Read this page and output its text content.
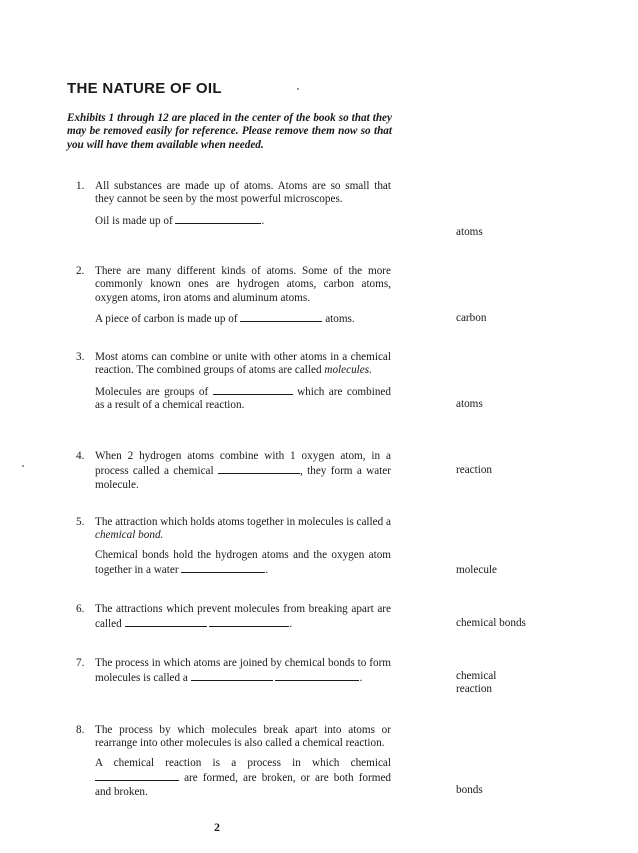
THE NATURE OF OIL
Exhibits 1 through 12 are placed in the center of the book so that they may be removed easily for reference. Please remove them now so that you will have them available when needed.
1. All substances are made up of atoms. Atoms are so small that they cannot be seen by the most powerful microscopes.
Oil is made up of	.
atoms
2. There are many different kinds of atoms. Some of the more commonly known ones are hydrogen atoms, carbon atoms, oxygen atoms, iron atoms and aluminum atoms.
A piece of carbon is made up of	atoms.	carbon
3. Most atoms can combine or unite with other atoms in a chemical reaction. The combined groups of atoms are called molecules.
Molecules are groups of	which are combined as a result of a chemical reaction.	atoms
4. When 2 hydrogen atoms combine with 1 oxygen atom, in a process called a chemical	, they form a water molecule.
reaction
5. The attraction which holds atoms together in molecules is called a chemical bond.
Chemical bonds hold the hydrogen atoms and the oxygen atom together in a water	.	molecule
6. The attractions which prevent molecules from breaking apart are called	.	chemical bonds
7. The process in which atoms are joined by chemical bonds to form molecules is called a	.	chemical
reaction
8. The process by which molecules break apart into atoms or rearrange into other molecules is also called a chemical reaction.
A chemical reaction is a process in which chemical  are formed, are broken, or are both formed and broken.	bonds
2
